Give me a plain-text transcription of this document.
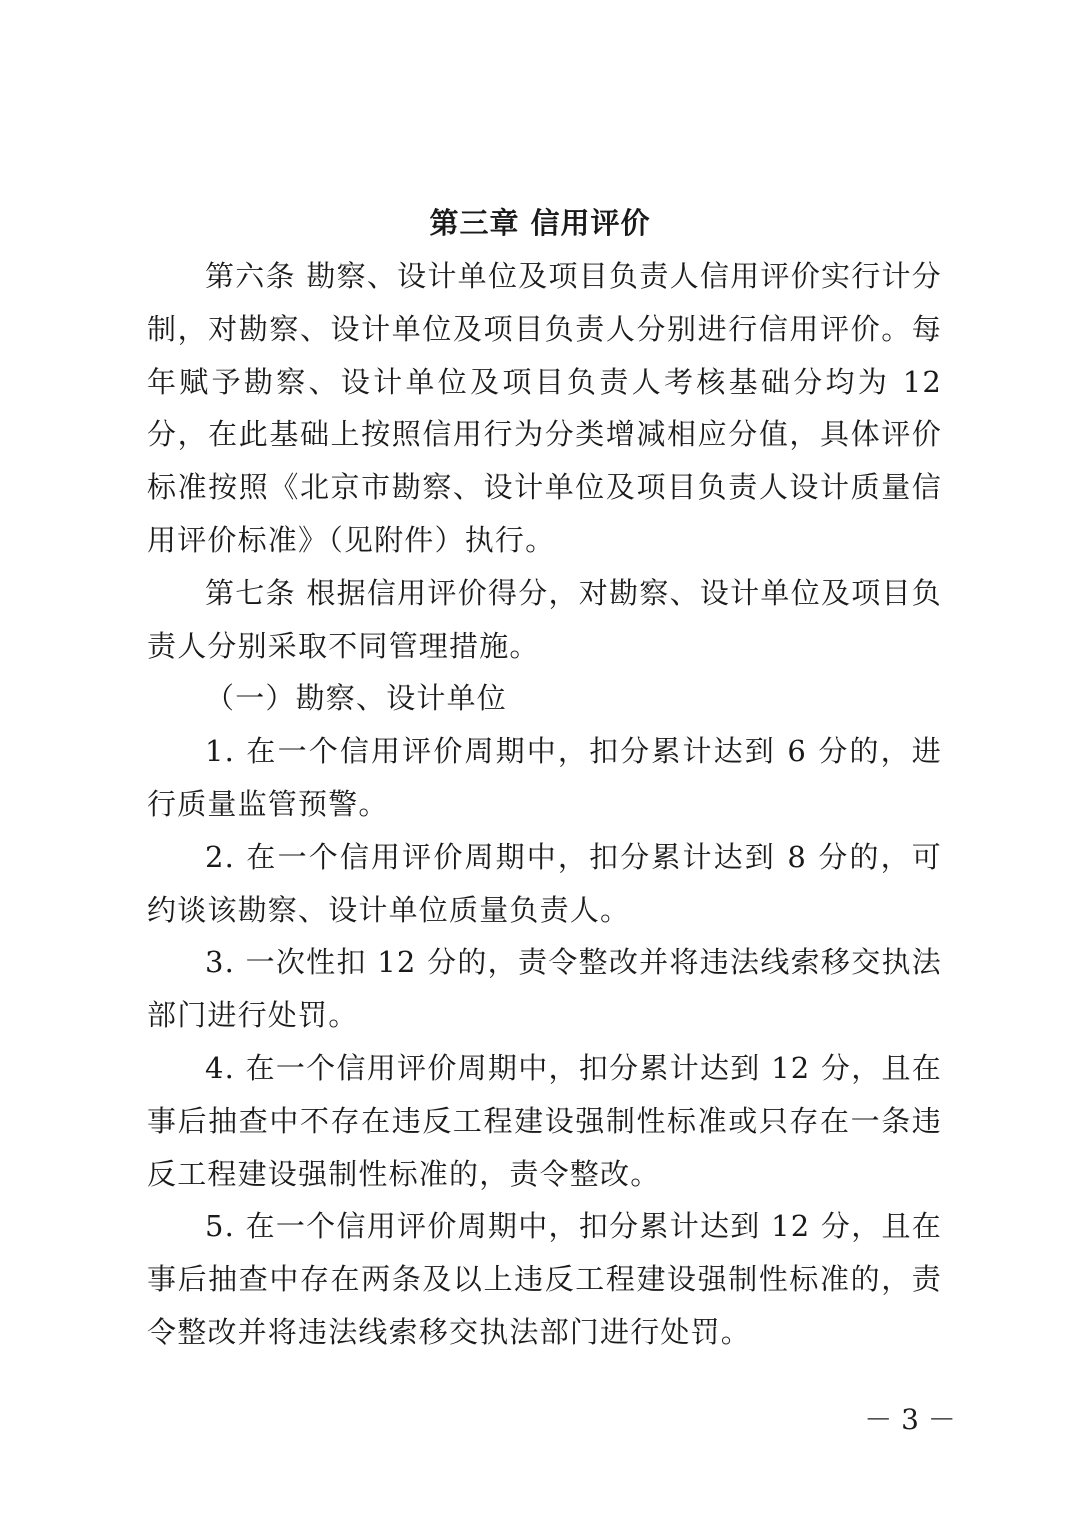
第三章 信用评价

第六条 勘察、设计单位及项目负责人信用评价实行计分制，对勘察、设计单位及项目负责人分别进行信用评价。每年赋予勘察、设计单位及项目负责人考核基础分均为 12 分，在此基础上按照信用行为分类增减相应分值，具体评价标准按照《北京市勘察、设计单位及项目负责人设计质量信用评价标准》（见附件）执行。

第七条 根据信用评价得分，对勘察、设计单位及项目负责人分别采取不同管理措施。

（一）勘察、设计单位

1. 在一个信用评价周期中，扣分累计达到 6 分的，进行质量监管预警。

2. 在一个信用评价周期中，扣分累计达到 8 分的，可约谈该勘察、设计单位质量负责人。

3. 一次性扣 12 分的，责令整改并将违法线索移交执法部门进行处罚。

4. 在一个信用评价周期中，扣分累计达到 12 分，且在事后抽查中不存在违反工程建设强制性标准或只存在一条违反工程建设强制性标准的，责令整改。

5. 在一个信用评价周期中，扣分累计达到 12 分，且在事后抽查中存在两条及以上违反工程建设强制性标准的，责令整改并将违法线索移交执法部门进行处罚。

－ 3 －
